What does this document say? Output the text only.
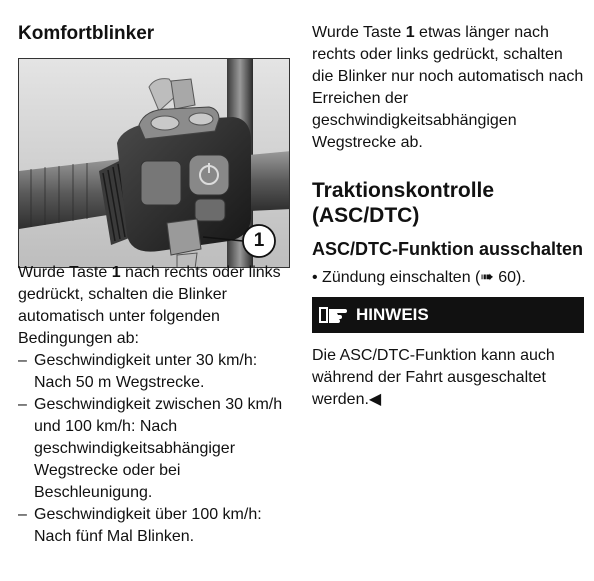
Komfortblinker
1

Wurde Taste 1 nach rechts oder links gedrückt, schalten die Blinker automatisch unter folgenden Bedingungen ab:

– Geschwindigkeit unter 30 km/h: Nach 50 m Wegstrecke.
– Geschwindigkeit zwischen 30 km/h und 100 km/h: Nach geschwindigkeitsabhängiger Wegstrecke oder bei Beschleunigung.
– Geschwindigkeit über 100 km/h: Nach fünf Mal Blinken.

Wurde Taste 1 etwas länger nach rechts oder links gedrückt, schalten die Blinker nur noch automatisch nach Erreichen der geschwindigkeitsabhängigen Wegstrecke ab.

Traktionskontrolle (ASC/DTC)
ASC/DTC-Funktion ausschalten

• Zündung einschalten (➠ 60).

HINWEIS

Die ASC/DTC-Funktion kann auch während der Fahrt ausgeschaltet werden.◀
